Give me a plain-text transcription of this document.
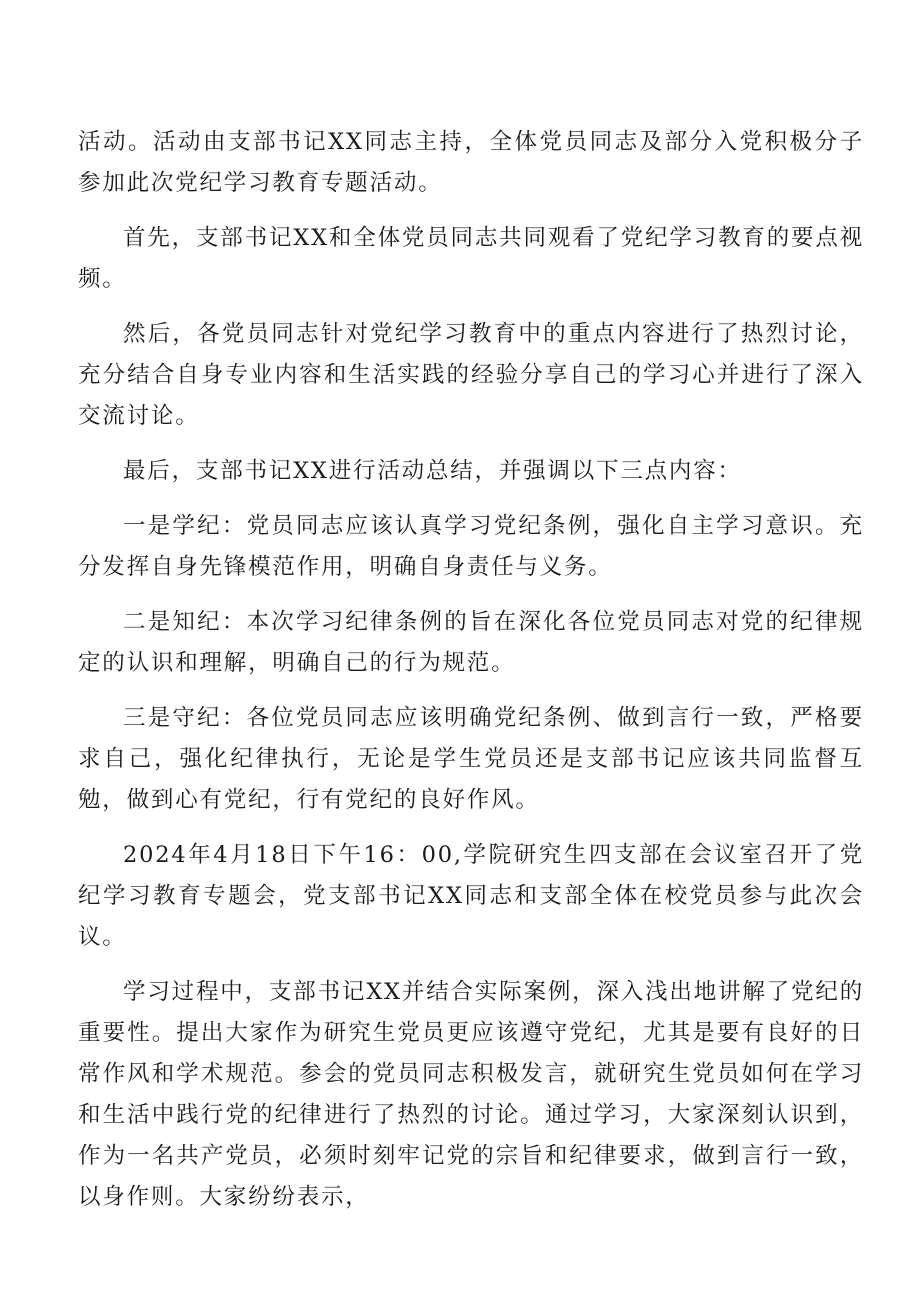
活动。活动由支部书记XX同志主持，全体党员同志及部分入党积极分子参加此次党纪学习教育专题活动。

首先，支部书记XX和全体党员同志共同观看了党纪学习教育的要点视频。

然后，各党员同志针对党纪学习教育中的重点内容进行了热烈讨论，充分结合自身专业内容和生活实践的经验分享自己的学习心并进行了深入交流讨论。

最后，支部书记XX进行活动总结，并强调以下三点内容：

一是学纪：党员同志应该认真学习党纪条例，强化自主学习意识。充分发挥自身先锋模范作用，明确自身责任与义务。

二是知纪：本次学习纪律条例的旨在深化各位党员同志对党的纪律规定的认识和理解，明确自己的行为规范。

三是守纪：各位党员同志应该明确党纪条例、做到言行一致，严格要求自己，强化纪律执行，无论是学生党员还是支部书记应该共同监督互勉，做到心有党纪，行有党纪的良好作风。

2024年4月18日下午16：00,学院研究生四支部在会议室召开了党纪学习教育专题会，党支部书记XX同志和支部全体在校党员参与此次会议。

学习过程中，支部书记XX并结合实际案例，深入浅出地讲解了党纪的重要性。提出大家作为研究生党员更应该遵守党纪，尤其是要有良好的日常作风和学术规范。参会的党员同志积极发言，就研究生党员如何在学习和生活中践行党的纪律进行了热烈的讨论。通过学习，大家深刻认识到，作为一名共产党员，必须时刻牢记党的宗旨和纪律要求，做到言行一致，以身作则。大家纷纷表示，
